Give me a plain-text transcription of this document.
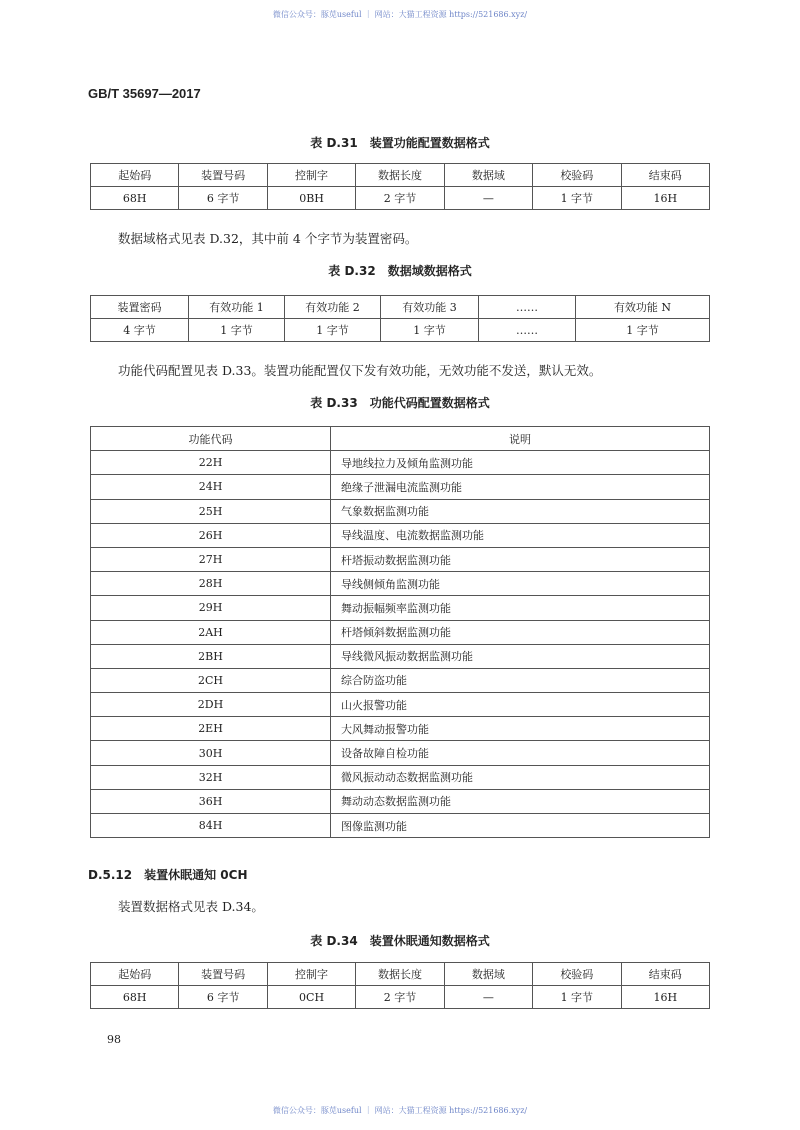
微信公众号：豚苋useful ｜ 网站：大猫工程资源 https://521686.xyz/
GB/T 35697—2017
表 D.31　装置功能配置数据格式
起始码	装置号码	控制字	数据长度	数据域	校验码	结束码
68H	6 字节	0BH	2 字节	—	1 字节	16H
数据域格式见表 D.32，其中前 4 个字节为装置密码。
表 D.32　数据域数据格式
装置密码	有效功能 1	有效功能 2	有效功能 3	……	有效功能 N
4 字节	1 字节	1 字节	1 字节	……	1 字节
功能代码配置见表 D.33。装置功能配置仅下发有效功能，无效功能不发送，默认无效。
表 D.33　功能代码配置数据格式
功能代码	说明
22H	导地线拉力及倾角监测功能
24H	绝缘子泄漏电流监测功能
25H	气象数据监测功能
26H	导线温度、电流数据监测功能
27H	杆塔振动数据监测功能
28H	导线侧倾角监测功能
29H	舞动振幅频率监测功能
2AH	杆塔倾斜数据监测功能
2BH	导线微风振动数据监测功能
2CH	综合防盗功能
2DH	山火报警功能
2EH	大风舞动报警功能
30H	设备故障自检功能
32H	微风振动动态数据监测功能
36H	舞动动态数据监测功能
84H	图像监测功能
D.5.12　装置休眠通知 0CH
装置数据格式见表 D.34。
表 D.34　装置休眠通知数据格式
起始码	装置号码	控制字	数据长度	数据域	校验码	结束码
68H	6 字节	0CH	2 字节	—	1 字节	16H
98
微信公众号：豚苋useful ｜ 网站：大猫工程资源 https://521686.xyz/
